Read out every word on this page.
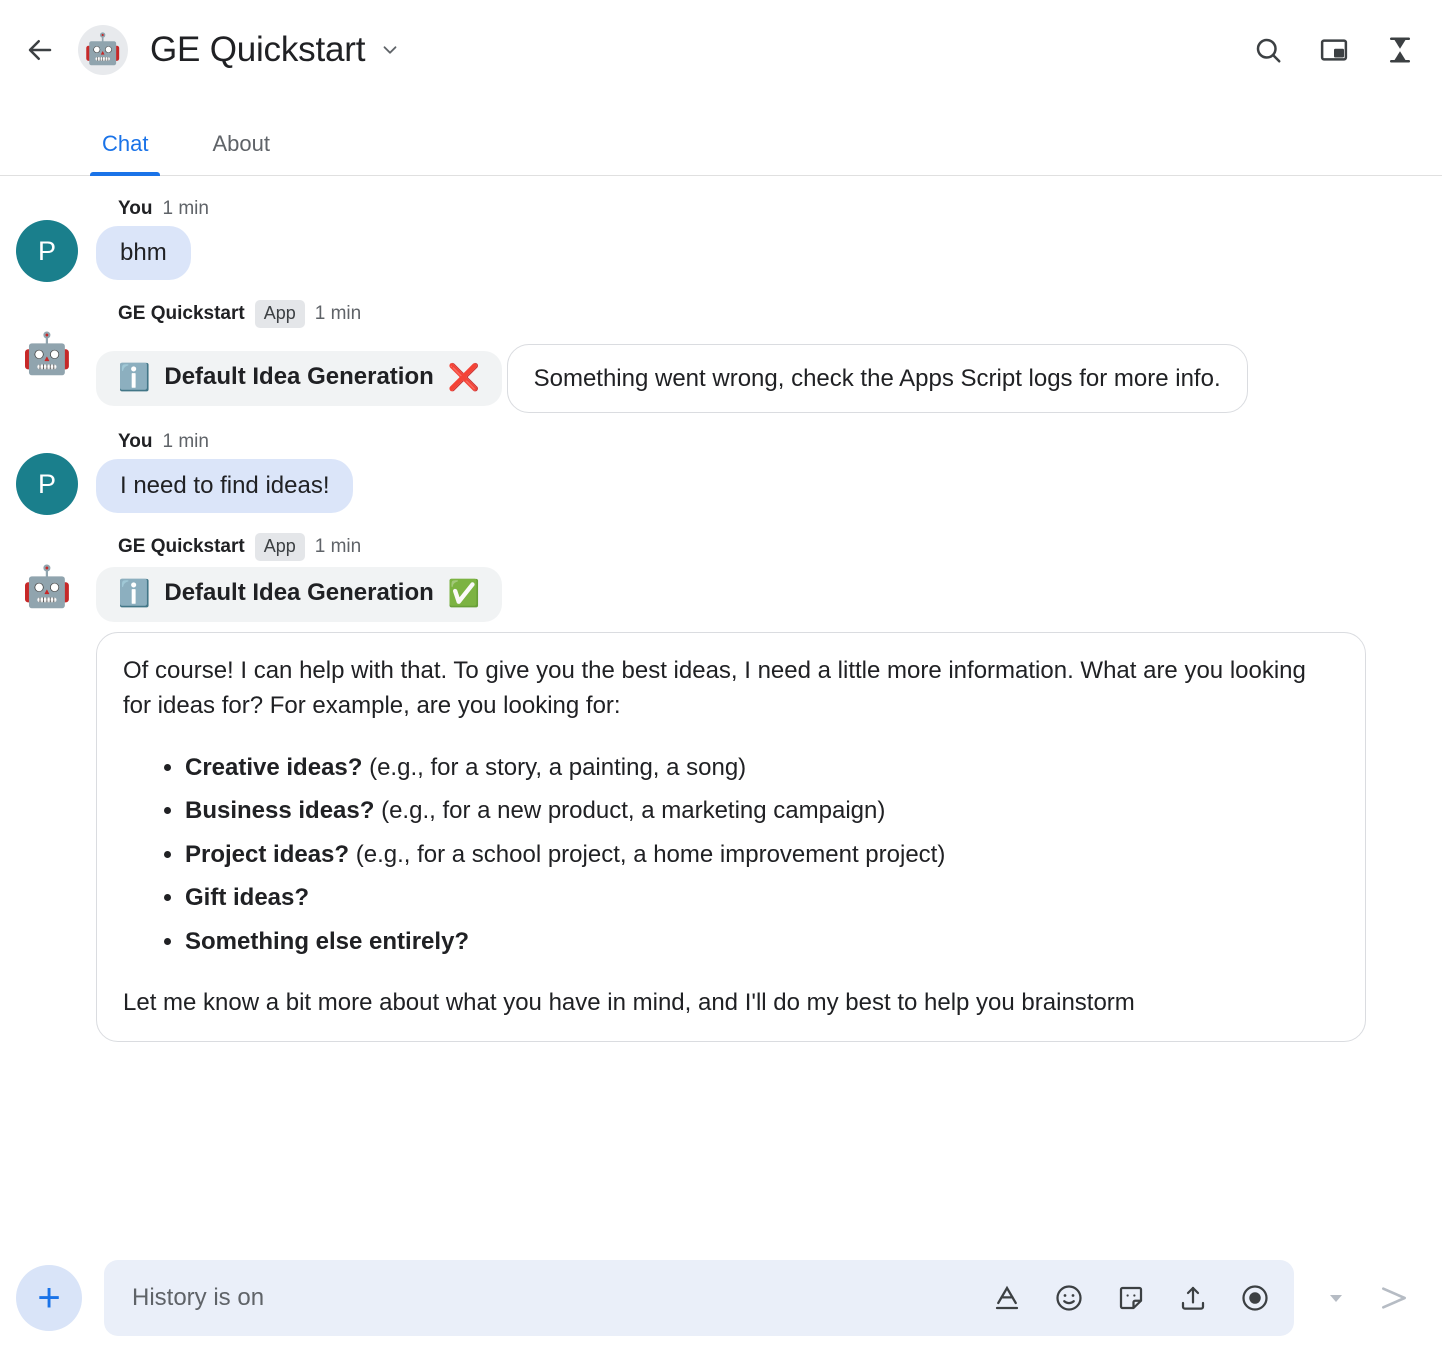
🤖 GE Quickstart
Chat	About
P
You 1 min
bhm
🤖
GE Quickstart	App	1 min
ℹ️ Default Idea Generation ❌
Something went wrong, check the Apps Script logs for more info.

P
You 1 min
I need to find ideas!
🤖
GE Quickstart	App	1 min
ℹ️ Default Idea Generation ✅

Of course! I can help with that. To give you the best ideas, I need a little more information. What are you looking for ideas for? For example, are you looking for:

• Creative ideas? (e.g., for a story, a painting, a song)
• Business ideas? (e.g., for a new product, a marketing campaign)
• Project ideas? (e.g., for a school project, a home improvement project)
• Gift ideas?
• Something else entirely?

Let me know a bit more about what you have in mind, and I'll do my best to help you brainstorm

+
History is on
